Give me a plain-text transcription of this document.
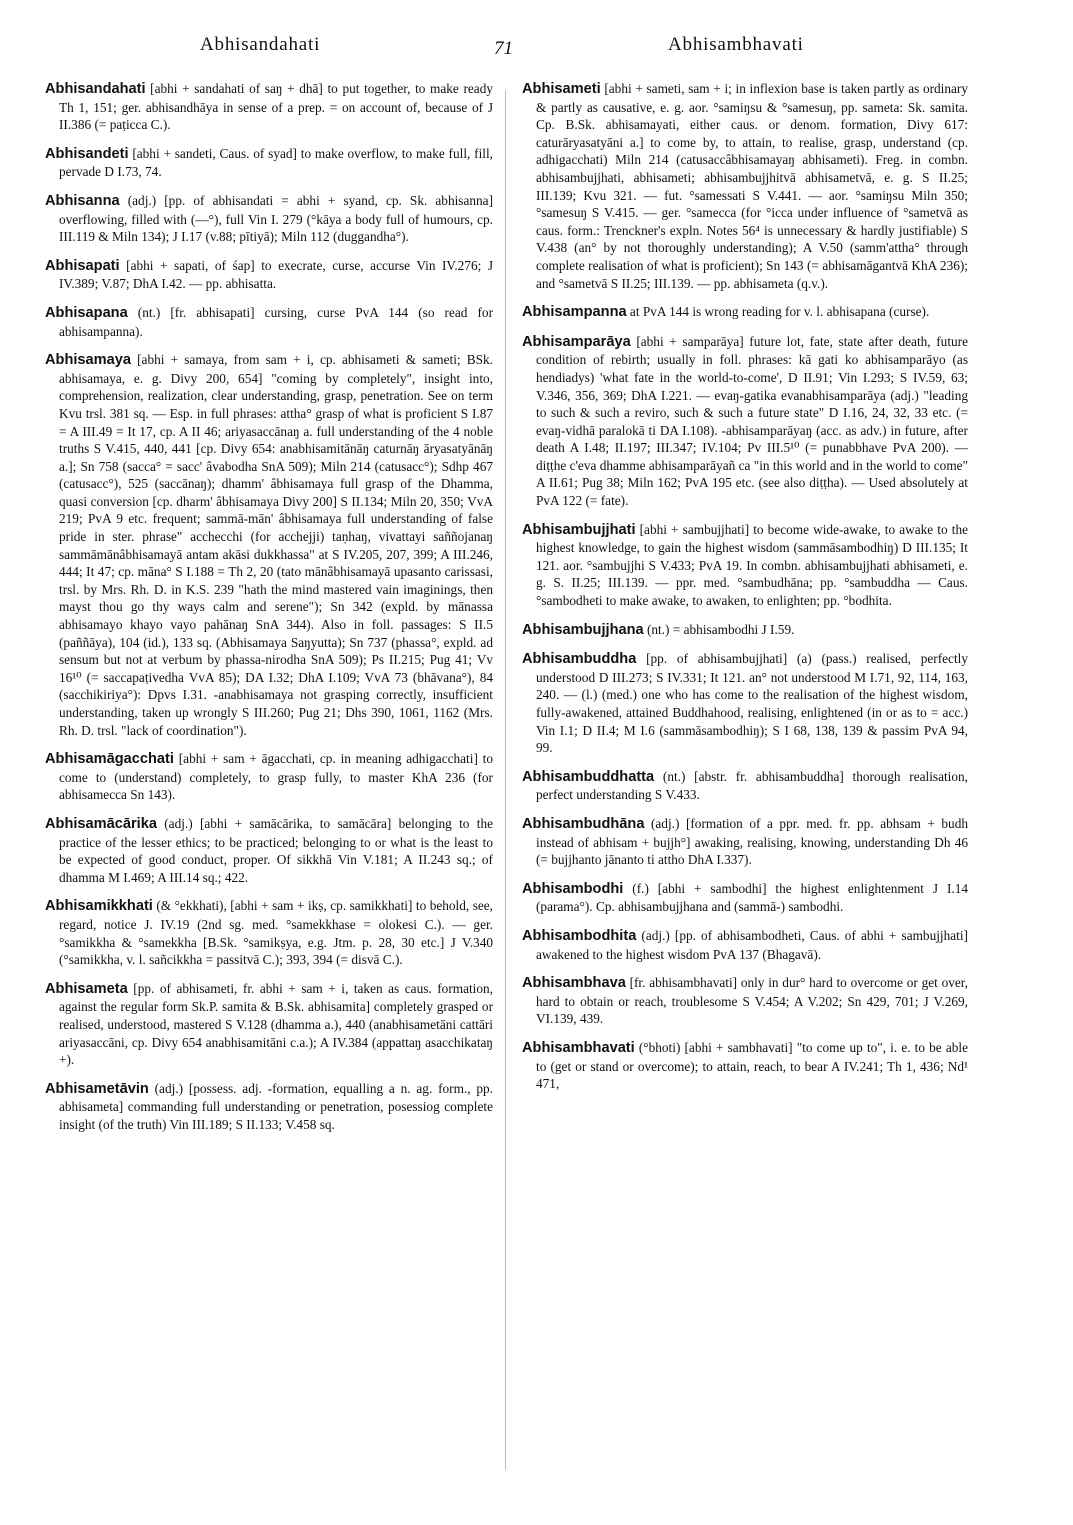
Abhisandahati	71	Abhisambhavati

Abhisandahati [abhi + sandahati of saŋ + dhā] to put together, to make ready Th 1, 151; ger. abhisandhāya in sense of a prep. = on account of, because of J II.386 (= paṭicca C.).

Abhisandeti [abhi + sandeti, Caus. of syad] to make overflow, to make full, fill, pervade D I.73, 74.

Abhisanna (adj.) [pp. of abhisandati = abhi + syand, cp. Sk. abhisanna] overflowing, filled with (—°), full Vin I. 279 (°kāya a body full of humours, cp. III.119 & Miln 134); J I.17 (v.88; pītiyā); Miln 112 (duggandha°).

Abhisapati [abhi + sapati, of śap] to execrate, curse, accurse Vin IV.276; J IV.389; V.87; DhA I.42. — pp. abhisatta.

Abhisapana (nt.) [fr. abhisapati] cursing, curse PvA 144 (so read for abhisampanna).

Abhisamaya [abhi + samaya, from sam + i, cp. abhisameti & sameti; BSk. abhisamaya, e. g. Divy 200, 654] "coming by completely", insight into, comprehension, realization, clear understanding, grasp, penetration. See on term Kvu trsl. 381 sq. — Esp. in full phrases: attha° grasp of what is proficient S I.87 = A III.49 = It 17, cp. A II 46; ariyasaccānaŋ a. full understanding of the 4 noble truths S V.415, 440, 441 [cp. Divy 654: anabhisamitānāŋ caturnāŋ āryasatyānāŋ a.]; Sn 758 (sacca° = sacc' âvabodha SnA 509); Miln 214 (catusacc°); Sdhp 467 (catusacc°), 525 (saccānaŋ); dhamm' âbhisamaya full grasp of the Dhamma, quasi conversion [cp. dharm' âbhisamaya Divy 200] S II.134; Miln 20, 350; VvA 219; PvA 9 etc. frequent; sammā-mān' âbhisamaya full understanding of false pride in ster. phrase" acchecchi (for acchejji) taṇhaŋ, vivattayi saññojanaŋ sammāmānâbhisamayā antam akāsi dukkhassa" at S IV.205, 207, 399; A III.246, 444; It 47; cp. māna° S I.188 = Th 2, 20 (tato mānâbhisamayā upasanto carissasi, trsl. by Mrs. Rh. D. in K.S. 239 "hath the mind mastered vain imaginings, then mayst thou go thy ways calm and serene"); Sn 342 (expld. by mānassa abhisamayo khayo vayo pahānaŋ SnA 344). Also in foll. passages: S II.5 (paññāya), 104 (id.), 133 sq. (Abhisamaya Saŋyutta); Sn 737 (phassa°, expld. ad sensum but not at verbum by phassa-nirodha SnA 509); Ps II.215; Pug 41; Vv 16¹⁰ (= saccapaṭivedha VvA 85); DA I.32; DhA I.109; VvA 73 (bhāvana°), 84 (sacchikiriya°): Dpvs I.31. -anabhisamaya not grasping correctly, insufficient understanding, taken up wrongly S III.260; Pug 21; Dhs 390, 1061, 1162 (Mrs. Rh. D. trsl. "lack of coordination").

Abhisamāgacchati [abhi + sam + āgacchati, cp. in meaning adhigacchati] to come to (understand) completely, to grasp fully, to master KhA 236 (for abhisameccа Sn 143).

Abhisamācārika (adj.) [abhi + samācārika, to samācāra] belonging to the practice of the lesser ethics; to be practiced; belonging to or what is the least to be expected of good conduct, proper. Of sikkhā Vin V.181; A II.243 sq.; of dhamma M I.469; A III.14 sq.; 422.

Abhisamikkhati (& °ekkhati), [abhi + sam + ikṣ, cp. samikkhati] to behold, see, regard, notice J. IV.19 (2nd sg. med. °samekkhase = olokesi C.). — ger. °samikkha & °samekkha [B.Sk. °samikṣya, e.g. Jtm. p. 28, 30 etc.] J V.340 (°samikkha, v. l. sañcikkha = passitvā C.); 393, 394 (= disvā C.).

Abhisameta [pp. of abhisameti, fr. abhi + sam + i, taken as caus. formation, against the regular form Sk.P. samita & B.Sk. abhisamita] completely grasped or realised, understood, mastered S V.128 (dhamma a.), 440 (anabhisametāni cattāri ariyasaccāni, cp. Divy 654 anabhisamitāni c.a.); A IV.384 (appattaŋ asacchikataŋ +).

Abhisametāvin (adj.) [possess. adj. -formation, equalling a n. ag. form., pp. abhisameta] commanding full understanding or penetration, posessiog complete insight (of the truth) Vin III.189; S II.133; V.458 sq.

Abhisameti [abhi + sameti, sam + i; in inflexion base is taken partly as ordinary & partly as causative, e. g. aor. °samiŋsu & °samesuŋ, pp. sameta: Sk. samita. Cp. B.Sk. abhisamayati, either caus. or denom. formation, Divy 617: caturāryasatyāni a.] to come by, to attain, to realise, grasp, understand (cp. adhigacchati) Miln 214 (catusaccâbhisamayaŋ abhisameti). Freg. in combn. abhisambujjhati, abhisameti; abhisambujjhitvā abhisametvā, e. g. S II.25; III.139; Kvu 321. — fut. °samessati S V.441. — aor. °samiŋsu Miln 350; °samesuŋ S V.415. — ger. °samecca (for °icca under influence of °sametvā as caus. form.: Trenckner's expln. Notes 56⁴ is unnecessary & hardly justifiable) S V.438 (an° by not thoroughly understanding); A V.50 (samm'attha° through complete realisation of what is proficient); Sn 143 (= abhisamāgantvā KhA 236); and °sametvā S II.25; III.139. — pp. abhisameta (q.v.).

Abhisampanna at PvA 144 is wrong reading for v. l. abhisapana (curse).

Abhisamparāya [abhi + samparāya] future lot, fate, state after death, future condition of rebirth; usually in foll. phrases: kā gati ko abhisamparāyo (as hendiadys) 'what fate in the world-to-come', D II.91; Vin I.293; S IV.59, 63; V.346, 356, 369; DhA I.221. — evaŋ-gatika evanabhisamparāya (adj.) "leading to such & such a reviro, such & such a future state" D I.16, 24, 32, 33 etc. (= evaŋ-vidhā paralokā ti DA I.108). -abhisamparāyaŋ (acc. as adv.) in future, after death A I.48; II.197; III.347; IV.104; Pv III.5¹⁰ (= punabbhave PvA 200). — diṭṭhe c'eva dhamme abhisamparāyañ ca "in this world and in the world to come" A II.61; Pug 38; Miln 162; PvA 195 etc. (see also diṭṭha). — Used absolutely at PvA 122 (= fate).

Abhisambujjhati [abhi + sambujjhati] to become wide-awake, to awake to the highest knowledge, to gain the highest wisdom (sammāsambodhiŋ) D III.135; It 121. aor. °sambujjhi S V.433; PvA 19. In combn. abhisambujjhati abhisameti, e. g. S. II.25; III.139. — ppr. med. °sambudhāna; pp. °sambuddha — Caus. °sambodheti to make awake, to awaken, to enlighten; pp. °bodhita.

Abhisambujjhana (nt.) = abhisambodhi J I.59.

Abhisambuddha [pp. of abhisambujjhati] (a) (pass.) realised, perfectly understood D III.273; S IV.331; It 121. an° not understood M I.71, 92, 114, 163, 240. — (l.) (med.) one who has come to the realisation of the highest wisdom, fully-awakened, attained Buddhahood, realising, enlightened (in or as to = acc.) Vin I.1; D II.4; M I.6 (sammāsambodhiŋ); S I 68, 138, 139 & passim PvA 94, 99.

Abhisambuddhatta (nt.) [abstr. fr. abhisambuddha] thorough realisation, perfect understanding S V.433.

Abhisambudhāna (adj.) [formation of a ppr. med. fr. pp. abhsam + budh instead of abhisam + bujjh°] awaking, realising, knowing, understanding Dh 46 (= bujjhanto jānanto ti attho DhA I.337).

Abhisambodhi (f.) [abhi + sambodhi] the highest enlightenment J I.14 (parama°). Cp. abhisambujjhana and (sammā-) sambodhi.

Abhisambodhita (adj.) [pp. of abhisambodheti, Caus. of abhi + sambujjhati] awakened to the highest wisdom PvA 137 (Bhagavā).

Abhisambhava [fr. abhisambhavati] only in dur° hard to overcome or get over, hard to obtain or reach, troublesome S V.454; A V.202; Sn 429, 701; J V.269, VI.139, 439.

Abhisambhavati (°bhoti) [abhi + sambhavati] "to come up to", i. e. to be able to (get or stand or overcome); to attain, reach, to bear A IV.241; Th 1, 436; Nd¹ 471,
